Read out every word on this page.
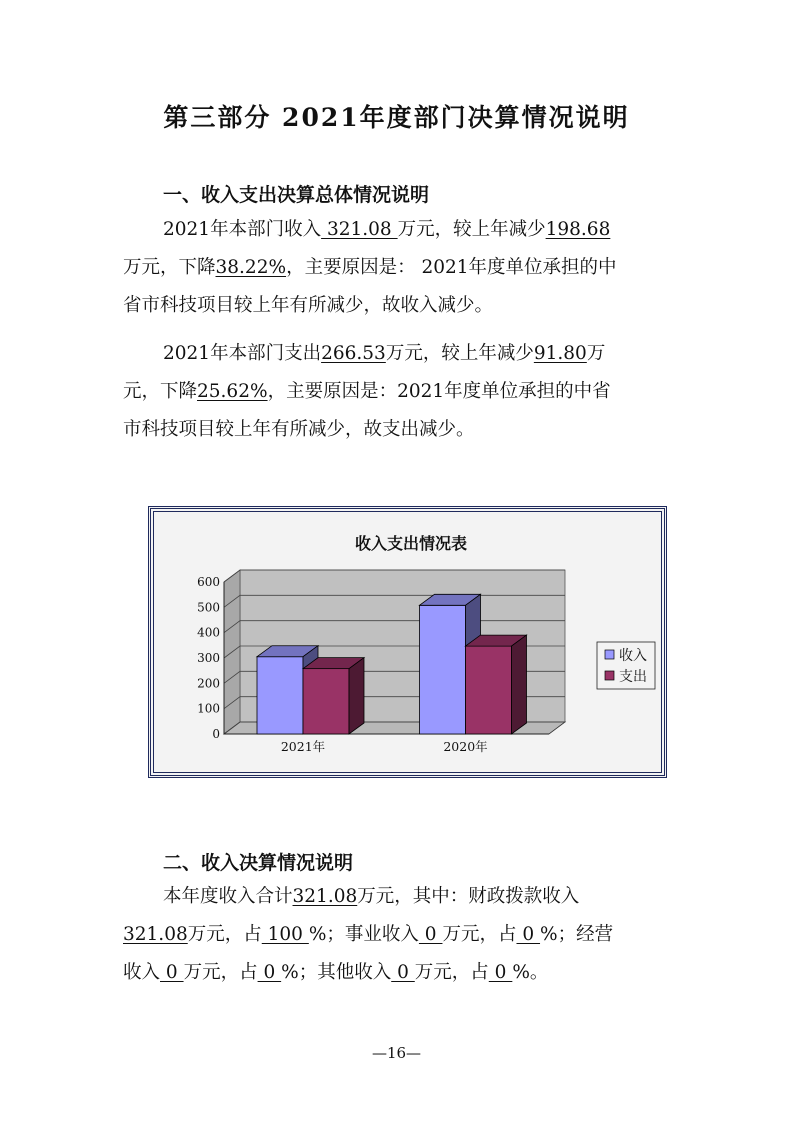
第三部分 2021年度部门决算情况说明
一、收入支出决算总体情况说明
2021年本部门收入 321.08 万元，较上年减少198.68
万元，下降38.22%，主要原因是： 2021年度单位承担的中
省市科技项目较上年有所减少，故收入减少。
2021年本部门支出266.53万元，较上年减少91.80万
元，下降25.62%，主要原因是：2021年度单位承担的中省
市科技项目较上年有所减少，故支出减少。
收入支出情况表
0
100
200
300
400
500
600
2021年	2020年
收入
支出
二、收入决算情况说明
本年度收入合计321.08万元，其中：财政拨款收入
321.08万元，占 100 %；事业收入 0 万元，占 0 %；经营
收入 0 万元，占 0 %；其他收入 0 万元，占 0 %。
—16—
